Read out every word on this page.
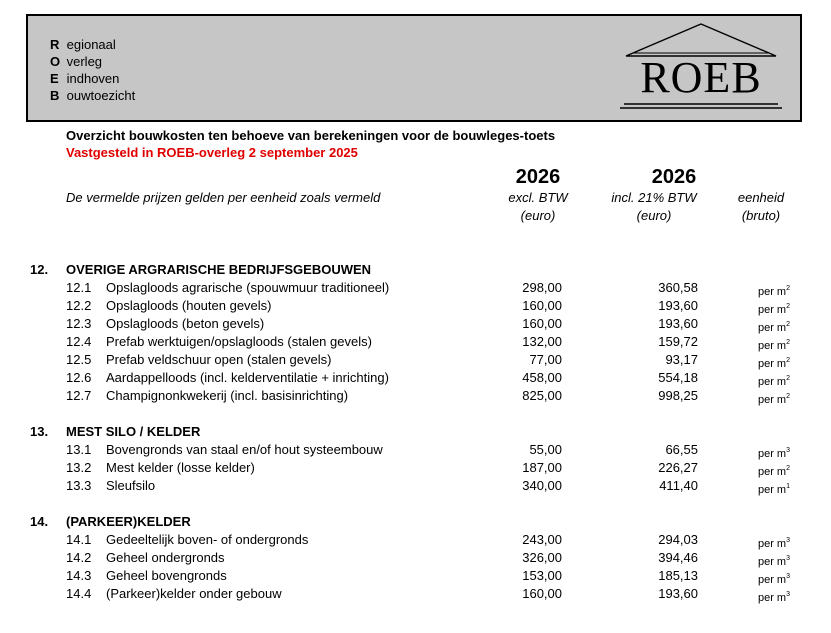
R egionaal
O verleg
E indhoven
B ouwtoezicht	ROEB
Overzicht bouwkosten ten behoeve van berekeningen voor de bouwleges-toets
Vastgesteld in ROEB-overleg 2 september 2025
2026	2026
De vermelde prijzen gelden per eenheid zoals vermeld	excl. BTW	incl. 21% BTW	eenheid
(euro)	(euro)	(bruto)
12. OVERIGE ARGRARISCHE BEDRIJFSGEBOUWEN
12.1 Opslagloods agrarische (spouwmuur traditioneel)	298,00	360,58	per $m^2$
12.2 Opslagloods (houten gevels)	160,00	193,60	per $m^2$
12.3 Opslagloods (beton gevels)	160,00	193,60	per $m^2$
12.4 Prefab werktuigen/opslagloods (stalen gevels)	132,00	159,72	per $m^2$
12.5 Prefab veldschuur open (stalen gevels)	77,00	93,17	per $m^2$
12.6 Aardappelloods (incl. kelderventilatie + inrichting)	458,00	554,18	per $m^2$
12.7 Champignonkwekerij (incl. basisinrichting)	825,00	998,25	per $m^2$
13. MEST SILO / KELDER
13.1 Bovengronds van staal en/of hout systeembouw	55,00	66,55	per $m^3$
13.2 Mest kelder (losse kelder)	187,00	226,27	per $m^2$
13.3 Sleufsilo	340,00	411,40	per $m^1$
14. (PARKEER)KELDER
14.1 Gedeeltelijk boven- of ondergronds	243,00	294,03	per $m^3$
14.2 Geheel ondergronds	326,00	394,46	per $m^3$
14.3 Geheel bovengronds	153,00	185,13	per $m^3$
14.4 (Parkeer)kelder onder gebouw	160,00	193,60	per $m^3$
